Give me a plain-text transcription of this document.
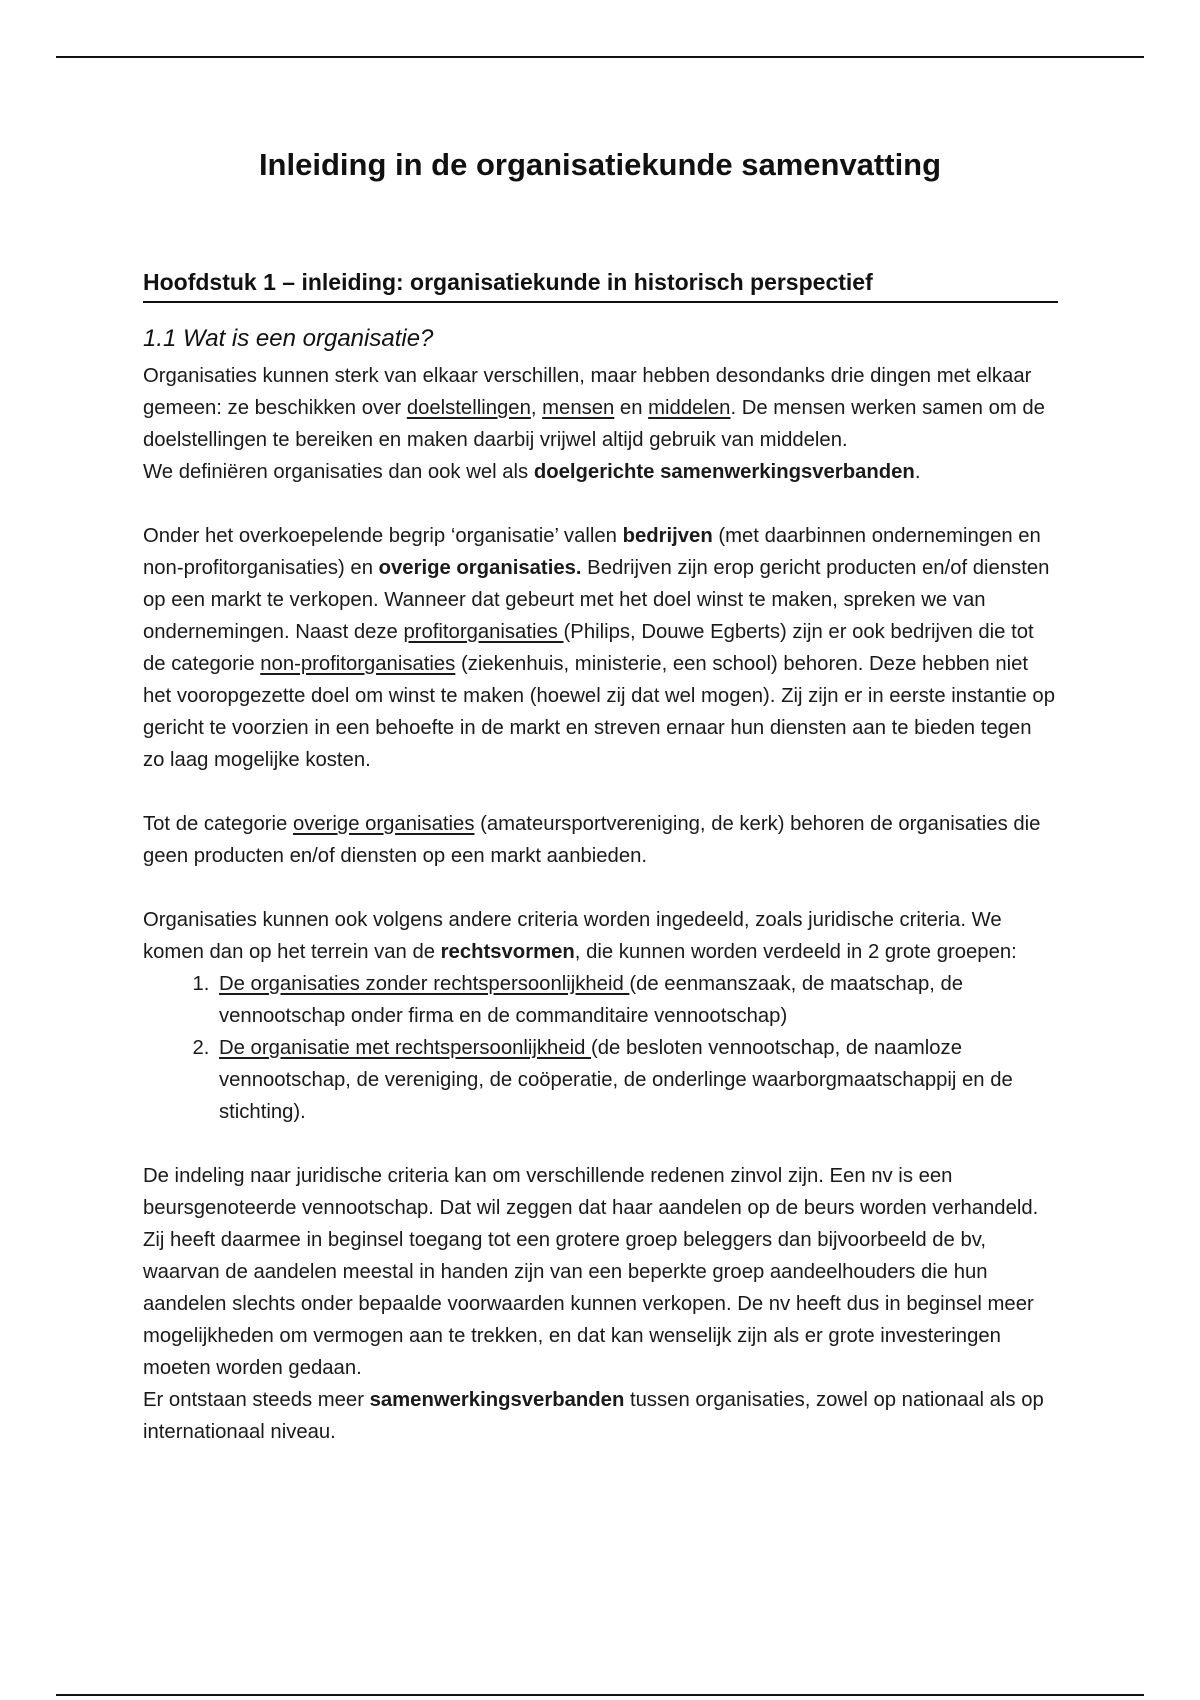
Inleiding in de organisatiekunde samenvatting
Hoofdstuk 1 – inleiding: organisatiekunde in historisch perspectief
1.1 Wat is een organisatie?

Organisaties kunnen sterk van elkaar verschillen, maar hebben desondanks drie dingen met elkaar gemeen: ze beschikken over doelstellingen, mensen en middelen. De mensen werken samen om de doelstellingen te bereiken en maken daarbij vrijwel altijd gebruik van middelen.

We definiëren organisaties dan ook wel als doelgerichte samenwerkingsverbanden.

Onder het overkoepelende begrip ‘organisatie’ vallen bedrijven (met daarbinnen ondernemingen en non-profitorganisaties) en overige organisaties. Bedrijven zijn erop gericht producten en/of diensten op een markt te verkopen. Wanneer dat gebeurt met het doel winst te maken, spreken we van ondernemingen. Naast deze profitorganisaties (Philips, Douwe Egberts) zijn er ook bedrijven die tot de categorie non-profitorganisaties (ziekenhuis, ministerie, een school) behoren. Deze hebben niet het vooropgezette doel om winst te maken (hoewel zij dat wel mogen). Zij zijn er in eerste instantie op gericht te voorzien in een behoefte in de markt en streven ernaar hun diensten aan te bieden tegen zo laag mogelijke kosten.

Tot de categorie overige organisaties (amateursportvereniging, de kerk) behoren de organisaties die geen producten en/of diensten op een markt aanbieden.

Organisaties kunnen ook volgens andere criteria worden ingedeeld, zoals juridische criteria. We komen dan op het terrein van de rechtsvormen, die kunnen worden verdeeld in 2 grote groepen:

1. De organisaties zonder rechtspersoonlijkheid (de eenmanszaak, de maatschap, de vennootschap onder firma en de commanditaire vennootschap)
2. De organisatie met rechtspersoonlijkheid (de besloten vennootschap, de naamloze vennootschap, de vereniging, de coöperatie, de onderlinge waarborgmaatschappij en de stichting).

De indeling naar juridische criteria kan om verschillende redenen zinvol zijn. Een nv is een beursgenoteerde vennootschap. Dat wil zeggen dat haar aandelen op de beurs worden verhandeld. Zij heeft daarmee in beginsel toegang tot een grotere groep beleggers dan bijvoorbeeld de bv, waarvan de aandelen meestal in handen zijn van een beperkte groep aandeelhouders die hun aandelen slechts onder bepaalde voorwaarden kunnen verkopen. De nv heeft dus in beginsel meer mogelijkheden om vermogen aan te trekken, en dat kan wenselijk zijn als er grote investeringen moeten worden gedaan.

Er ontstaan steeds meer samenwerkingsverbanden tussen organisaties, zowel op nationaal als op internationaal niveau.
